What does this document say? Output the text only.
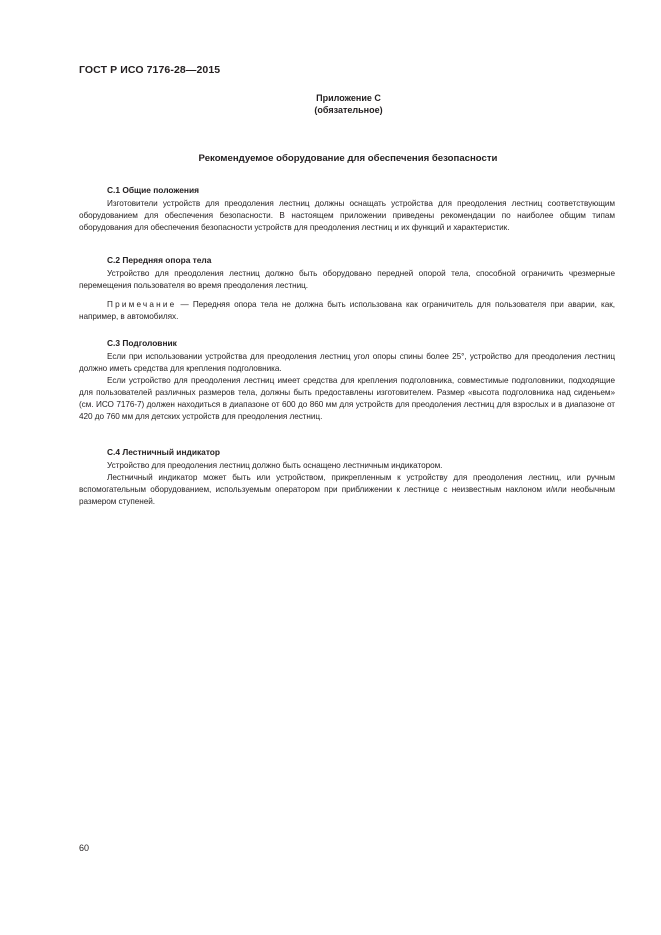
ГОСТ Р ИСО 7176-28—2015
Приложение С
(обязательное)
Рекомендуемое оборудование для обеспечения безопасности
С.1 Общие положения

Изготовители устройств для преодоления лестниц должны оснащать устройства для преодоления лестниц соответствующим оборудованием для обеспечения безопасности. В настоящем приложении приведены рекомендации по наиболее общим типам оборудования для обеспечения безопасности устройств для преодоления лестниц и их функций и характеристик.

С.2 Передняя опора тела

Устройство для преодоления лестниц должно быть оборудовано передней опорой тела, способной ограничить чрезмерные перемещения пользователя во время преодоления лестниц.

Примечание — Передняя опора тела не должна быть использована как ограничитель для пользователя при аварии, как, например, в автомобилях.

С.3 Подголовник

Если при использовании устройства для преодоления лестниц угол опоры спины более 25°, устройство для преодоления лестниц должно иметь средства для крепления подголовника.

Если устройство для преодоления лестниц имеет средства для крепления подголовника, совместимые подголовники, подходящие для пользователей различных размеров тела, должны быть предоставлены изготовителем. Размер «высота подголовника над сиденьем» (см. ИСО 7176-7) должен находиться в диапазоне от 600 до 860 мм для устройств для преодоления лестниц для взрослых и в диапазоне от 420 до 760 мм для детских устройств для преодоления лестниц.

С.4 Лестничный индикатор

Устройство для преодоления лестниц должно быть оснащено лестничным индикатором.

Лестничный индикатор может быть или устройством, прикрепленным к устройству для преодоления лестниц, или ручным вспомогательным оборудованием, используемым оператором при приближении к лестнице с неизвестным наклоном и/или необычным размером ступеней.

60
